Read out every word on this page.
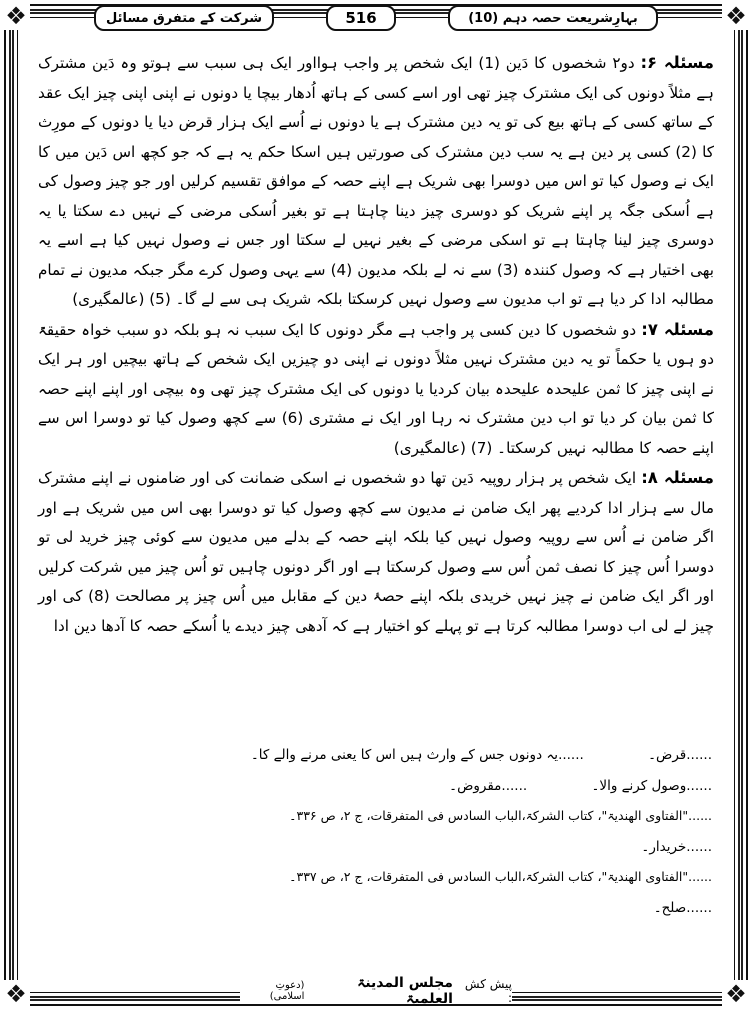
❖	❖
❖	❖
بہارِشریعت حصہ دہم (10)
516
شرکت کے متفرق مسائل

مسئلہ ۶: دو۲ شخصوں کا دَین (1) ایک شخص پر واجب ہوااور ایک ہی سبب سے ہوتو وہ دَین مشترک ہے مثلاً دونوں کی ایک مشترک چیز تھی اور اسے کسی کے ہاتھ اُدھار بیچا یا دونوں نے اپنی اپنی چیز ایک عقد کے ساتھ کسی کے ہاتھ بیع کی تو یہ دین مشترک ہے یا دونوں نے اُسے ایک ہزار قرض دیا یا دونوں کے مورِث کا (2) کسی پر دین ہے یہ سب دین مشترک کی صورتیں ہیں اسکا حکم یہ ہے کہ جو کچھ اس دَین میں کا ایک نے وصول کیا تو اس میں دوسرا بھی شریک ہے اپنے حصہ کے موافق تقسیم کرلیں اور جو چیز وصول کی ہے اُسکی جگہ پر اپنے شریک کو دوسری چیز دینا چاہتا ہے تو بغیر اُسکی مرضی کے نہیں دے سکتا یا یہ دوسری چیز لینا چاہتا ہے تو اسکی مرضی کے بغیر نہیں لے سکتا اور جس نے وصول نہیں کیا ہے اسے یہ بھی اختیار ہے کہ وصول کنندہ (3) سے نہ لے بلکہ مدیون (4) سے یہی وصول کرے مگر جبکہ مدیون نے تمام مطالبہ ادا کر دیا ہے تو اب مدیون سے وصول نہیں کرسکتا بلکہ شریک ہی سے لے گا۔ (5) (عالمگیری)

مسئلہ ۷: دو شخصوں کا دین کسی پر واجب ہے مگر دونوں کا ایک سبب نہ ہو بلکہ دو سبب خواہ حقیقۃً دو ہوں یا حکماً تو یہ دین مشترک نہیں مثلاً دونوں نے اپنی دو چیزیں ایک شخص کے ہاتھ بیچیں اور ہر ایک نے اپنی چیز کا ثمن علیحدہ علیحدہ بیان کردیا یا دونوں کی ایک مشترک چیز تھی وہ بیچی اور اپنے اپنے حصہ کا ثمن بیان کر دیا تو اب دین مشترک نہ رہا اور ایک نے مشتری (6) سے کچھ وصول کیا تو دوسرا اس سے اپنے حصہ کا مطالبہ نہیں کرسکتا۔ (7) (عالمگیری)

مسئلہ ۸: ایک شخص پر ہزار روپیہ دَین تھا دو شخصوں نے اسکی ضمانت کی اور ضامنوں نے اپنے مشترک مال سے ہزار ادا کردیے پھر ایک ضامن نے مدیون سے کچھ وصول کیا تو دوسرا بھی اس میں شریک ہے اور اگر ضامن نے اُس سے روپیہ وصول نہیں کیا بلکہ اپنے حصہ کے بدلے میں مدیون سے کوئی چیز خرید لی تو دوسرا اُس چیز کا نصف ثمن اُس سے وصول کرسکتا ہے اور اگر دونوں چاہیں تو اُس چیز میں شرکت کرلیں اور اگر ایک ضامن نے چیز نہیں خریدی بلکہ اپنے حصۂ دین کے مقابل میں اُس چیز پر مصالحت (8) کی اور چیز لے لی اب دوسرا مطالبہ کرتا ہے تو پہلے کو اختیار ہے کہ آدھی چیز دیدے یا اُسکے حصہ کا آدھا دین ادا

......قرض۔ ......یہ دونوں جس کے وارث ہیں اس کا یعنی مرنے والے کا۔
......وصول کرنے والا۔ ......مقروض۔
......"الفتاوی الھندیۃ"، کتاب الشرکۃ،الباب السادس فی المتفرقات، ج ۲، ص ۳۳۶۔
......خریدار۔
......"الفتاوی الھندیۃ"، کتاب الشرکۃ،الباب السادس فی المتفرقات، ج ۲، ص ۳۳۷۔
......صلح۔
پیش کش :
مجلس المدینۃ العلمیۃ
(دعوتِ اسلامی)
